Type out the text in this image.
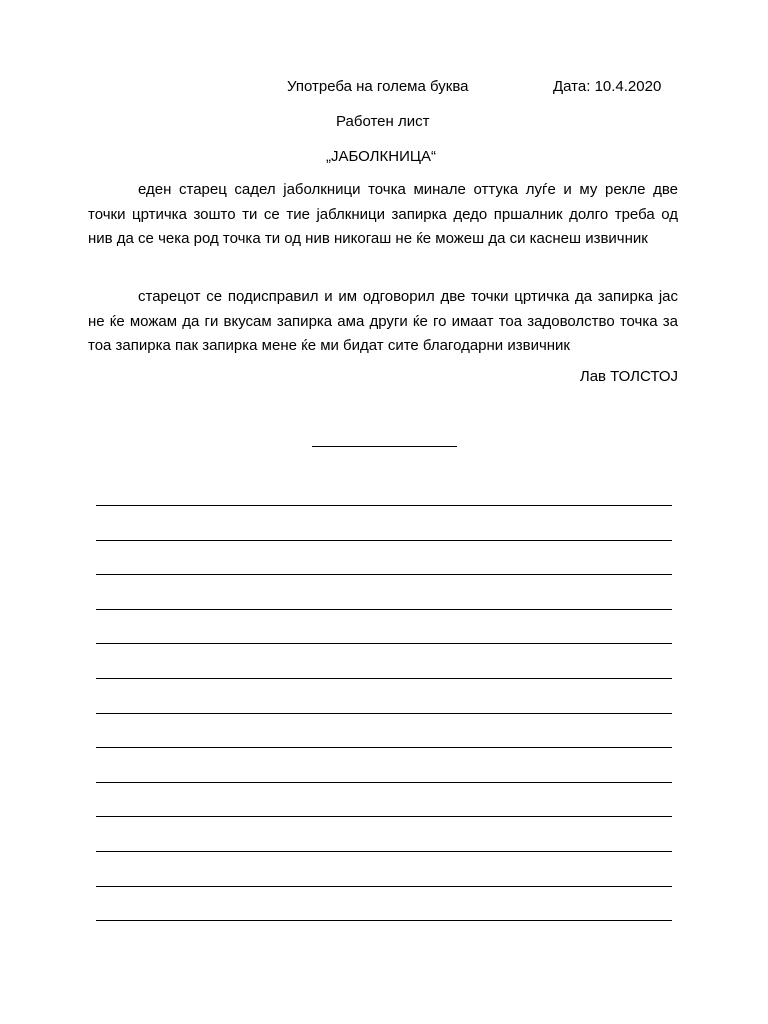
Употреба на голема буква	Дата: 10.4.2020
Работен лист
„ЈАБОЛКНИЦА“

еден старец садел јаболкници точка минале оттука луѓе и му рекле две точки цртичка зошто ти се тие јаблкници запирка дедо пршалник долго треба од нив да се чека род точка ти од нив никогаш не ќе можеш да си каснеш извичник

старецот се подисправил и им одговорил две точки цртичка да запирка јас не ќе можам да ги вкусам запирка ама други ќе го имаат тоа задоволство точка за тоа запирка пак запирка мене ќе ми бидат сите благодарни извичник

Лав ТОЛСТОЈ
